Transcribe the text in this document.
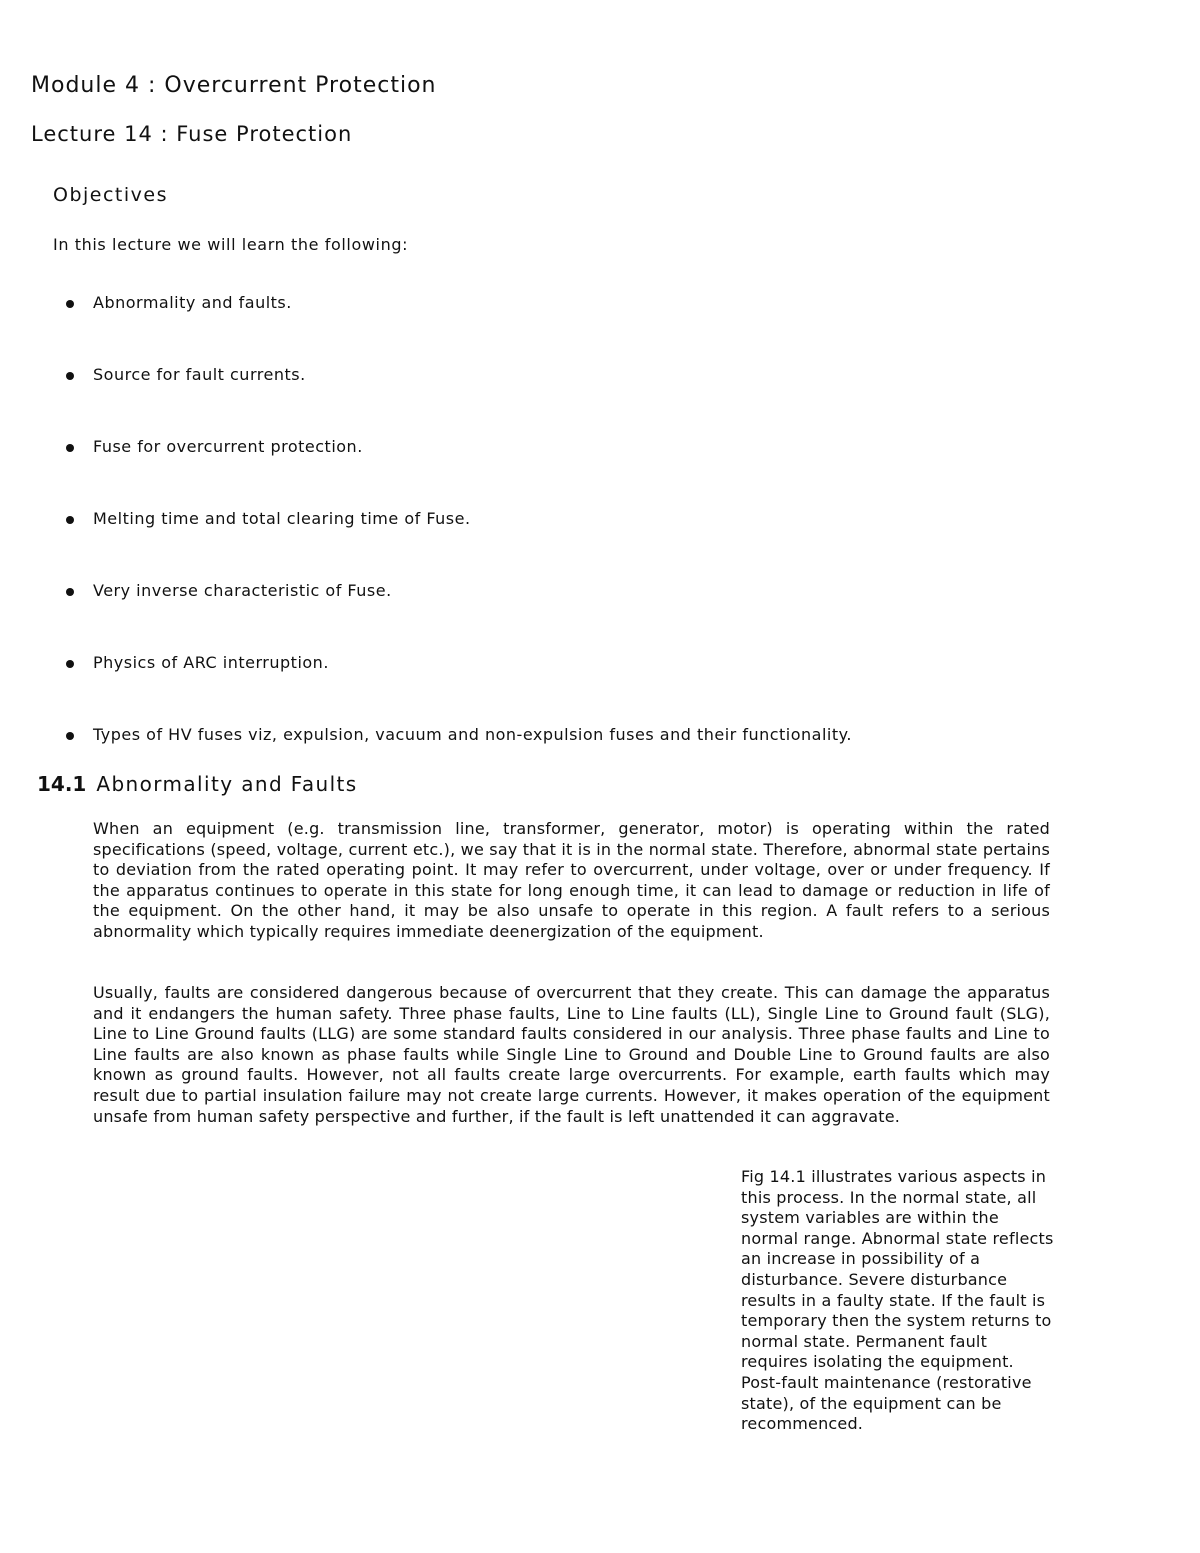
Module 4 : Overcurrent Protection
Lecture 14 : Fuse Protection
Objectives

In this lecture we will learn the following:

Abnormality and faults.
Source for fault currents.
Fuse for overcurrent protection.
Melting time and total clearing time of Fuse.
Very inverse characteristic of Fuse.
Physics of ARC interruption.
Types of HV fuses viz, expulsion, vacuum and non-expulsion fuses and their functionality.
14.1 Abnormality and Faults

When an equipment (e.g. transmission line, transformer, generator, motor) is operating within the rated specifications (speed, voltage, current etc.), we say that it is in the normal state. Therefore, abnormal state pertains to deviation from the rated operating point. It may refer to overcurrent, under voltage, over or under frequency. If the apparatus continues to operate in this state for long enough time, it can lead to damage or reduction in life of the equipment. On the other hand, it may be also unsafe to operate in this region. A fault refers to a serious abnormality which typically requires immediate deenergization of the equipment.

Usually, faults are considered dangerous because of overcurrent that they create. This can damage the apparatus and it endangers the human safety. Three phase faults, Line to Line faults (LL), Single Line to Ground fault (SLG), Line to Line Ground faults (LLG) are some standard faults considered in our analysis. Three phase faults and Line to Line faults are also known as phase faults while Single Line to Ground and Double Line to Ground faults are also known as ground faults. However, not all faults create large overcurrents. For example, earth faults which may result due to partial insulation failure may not create large currents. However, it makes operation of the equipment unsafe from human safety perspective and further, if the fault is left unattended it can aggravate.

Fig 14.1 illustrates various aspects in this process. In the normal state, all system variables are within the normal range. Abnormal state reflects an increase in possibility of a disturbance. Severe disturbance results in a faulty state. If the fault is temporary then the system returns to normal state. Permanent fault requires isolating the equipment. Post-fault maintenance (restorative state), of the equipment can be recommenced.
